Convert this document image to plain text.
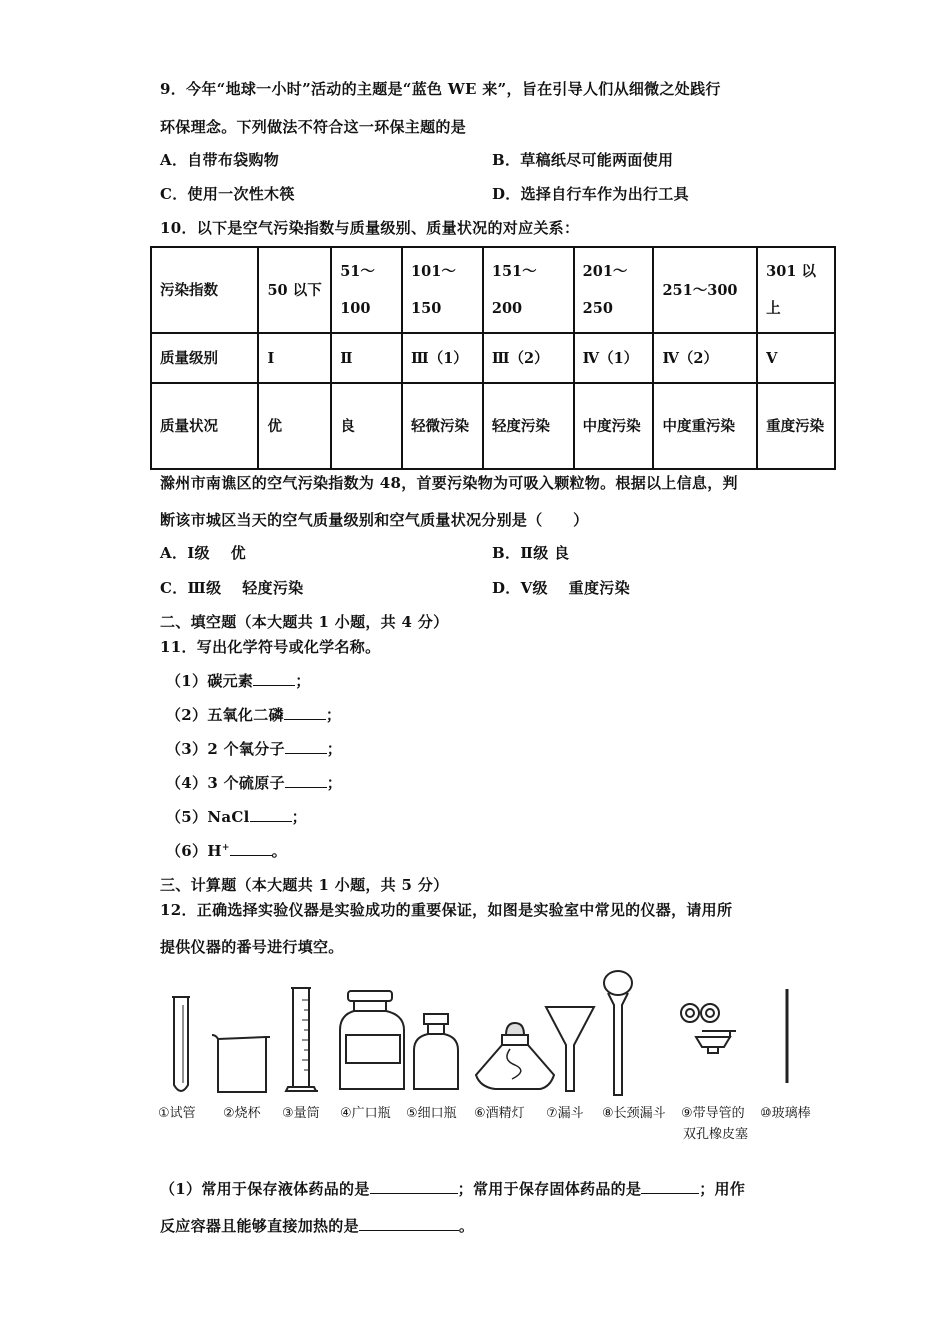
9．今年“地球一小时”活动的主题是“蓝色 WE 来”，旨在引导人们从细微之处践行
环保理念。下列做法不符合这一环保主题的是
A．自带布袋购物	B．草稿纸尽可能两面使用
C．使用一次性木筷	D．选择自行车作为出行工具
10．以下是空气污染指数与质量级别、质量状况的对应关系：
污染指数	50 以下	51～100	101～150	151～200	201～250	251～300	301 以上
质量级别	Ⅰ	Ⅱ	Ⅲ（1）	Ⅲ（2）	Ⅳ（1）	Ⅳ（2）	Ⅴ
质量状况	优	良	轻微污染	轻度污染	中度污染	中度重污染	重度污染
滁州市南谯区的空气污染指数为 48，首要污染物为可吸入颗粒物。根据以上信息，判
断该市城区当天的空气质量级别和空气质量状况分别是（　　）
A．Ⅰ级　 优	B．Ⅱ级 良
C．Ⅲ级　 轻度污染	D．Ⅴ级　 重度污染
二、填空题（本大题共 1 小题，共 4 分）
11．写出化学符号或化学名称。
（1）碳元素	；
（2）五氧化二磷	；
（3）2 个氧分子	；
（4）3 个硫原子	；
（5）NaCl	；
（6）H+	。
三、计算题（本大题共 1 小题，共 5 分）
12．正确选择实验仪器是实验成功的重要保证，如图是实验室中常见的仪器，请用所
提供仪器的番号进行填空。
①试管 ②烧杯 ③量筒 ④广口瓶 ⑤细口瓶 ⑥酒精灯 ⑦漏斗 ⑧长颈漏斗 ⑨带导管的
双孔橡皮塞
⑩玻璃棒
（1）常用于保存液体药品的是	；常用于保存固体药品的是	；用作
反应容器且能够直接加热的是	。
